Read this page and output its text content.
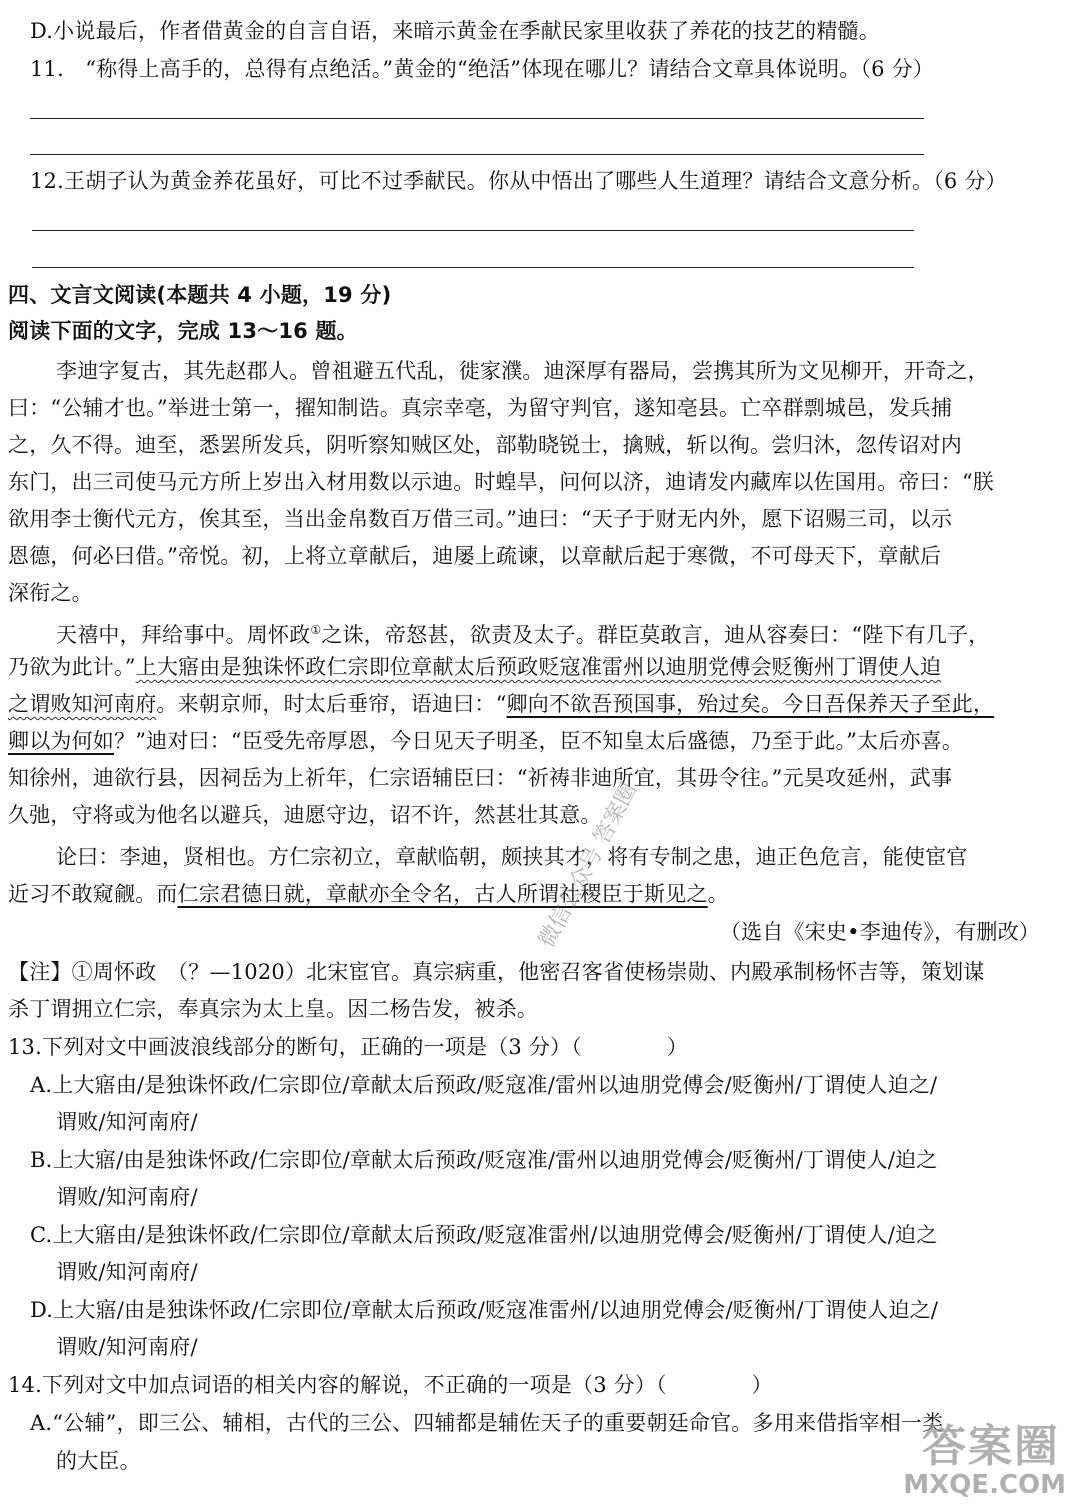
D.小说最后，作者借黄金的自言自语，来暗示黄金在季献民家里收获了养花的技艺的精髓。
11.　“称得上高手的，总得有点绝活。”黄金的“绝活”体现在哪儿？请结合文章具体说明。（6 分）
12.王胡子认为黄金养花虽好，可比不过季献民。你从中悟出了哪些人生道理？请结合文意分析。（6 分）
四、文言文阅读(本题共 4 小题，19 分)
阅读下面的文字，完成 13～16 题。
李迪字复古，其先赵郡人。曾祖避五代乱，徙家濮。迪深厚有器局，尝携其所为文见柳开，开奇之，
曰：“公辅才也。”举进士第一，擢知制诰。真宗幸亳，为留守判官，遂知亳县。亡卒群剽城邑，发兵捕
之，久不得。迪至，悉罢所发兵，阴听察知贼区处，部勒晓锐士，擒贼，斩以徇。尝归沐，忽传诏对内
东门，出三司使马元方所上岁出入材用数以示迪。时蝗旱，问何以济，迪请发内藏库以佐国用。帝曰：“朕
欲用李士衡代元方，俟其至，当出金帛数百万借三司。”迪曰：“天子于财无内外，愿下诏赐三司，以示
恩德，何必曰借。”帝悦。初，上将立章献后，迪屡上疏谏，以章献后起于寒微，不可母天下，章献后
深衔之。
天禧中，拜给事中。周怀政①之诛，帝怒甚，欲责及太子。群臣莫敢言，迪从容奏曰：“陛下有几子，
乃欲为此计。”上大寤由是独诛怀政仁宗即位章献太后预政贬寇准雷州以迪朋党傅会贬衡州丁谓使人迫
之谓败知河南府。来朝京师，时太后垂帘，语迪曰：“卿向不欲吾预国事，殆过矣。今日吾保养天子至此，
卿以为何如？”迪对曰：“臣受先帝厚恩，今日见天子明圣，臣不知皇太后盛德，乃至于此。”太后亦喜。
知徐州，迪欲行县，因祠岳为上祈年，仁宗语辅臣曰：“祈祷非迪所宜，其毋令往。”元昊攻延州，武事
久弛，守将或为他名以避兵，迪愿守边，诏不许，然甚壮其意。
论曰：李迪，贤相也。方仁宗初立，章献临朝，颇挟其才，将有专制之患，迪正色危言，能使宦官
近习不敢窥觎。而仁宗君德日就，章献亦全令名，古人所谓社稷臣于斯见之。
（选自《宋史•李迪传》，有删改）
【注】①周怀政　（？—1020）北宋宦官。真宗病重，他密召客省使杨崇勋、内殿承制杨怀吉等，策划谋
杀丁谓拥立仁宗，奉真宗为太上皇。因二杨告发，被杀。
13.下列对文中画波浪线部分的断句，正确的一项是（3 分）（　　　　）
A.上大寤由/是独诛怀政/仁宗即位/章献太后预政/贬寇准/雷州以迪朋党傅会/贬衡州/丁谓使人迫之/
谓败/知河南府/
B.上大寤/由是独诛怀政/仁宗即位/章献太后预政/贬寇准/雷州以迪朋党傅会/贬衡州/丁谓使人/迫之
谓败/知河南府/
C.上大寤由/是独诛怀政/仁宗即位/章献太后预政/贬寇准雷州/以迪朋党傅会/贬衡州/丁谓使人/迫之
谓败/知河南府/
D.上大寤/由是独诛怀政/仁宗即位/章献太后预政/贬寇准雷州/以迪朋党傅会/贬衡州/丁谓使人迫之/
谓败/知河南府/
14.下列对文中加点词语的相关内容的解说，不正确的一项是（3 分）（　　　　）
A.“公辅”，即三公、辅相，古代的三公、四辅都是辅佐天子的重要朝廷命官。多用来借指宰相一类
的大臣。
微信公众号 答案圈
答案圈
MXQE.COM
